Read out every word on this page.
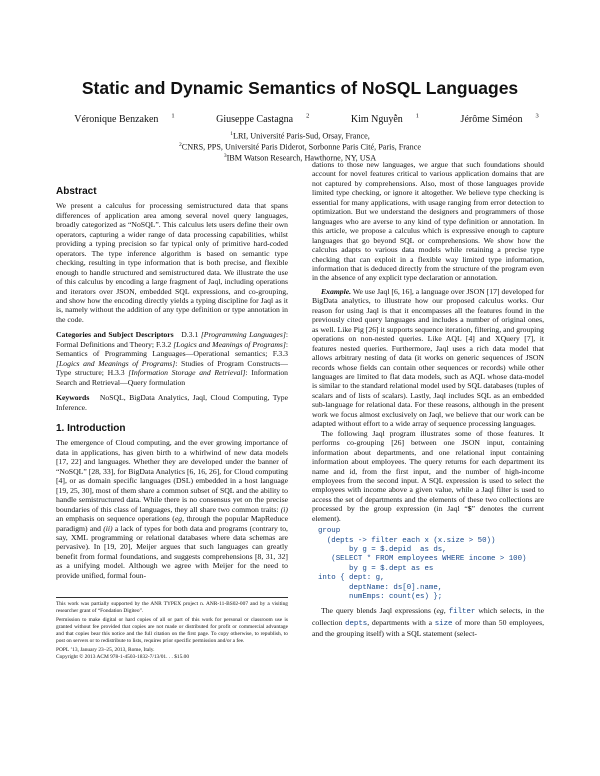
Static and Dynamic Semantics of NoSQL Languages
Véronique Benzaken $^1$	Giuseppe Castagna $^2$	Kim Nguyễn $^1$	Jérôme Siméon $^3$
$^1$LRI, Université Paris-Sud, Orsay, France,
$^2$CNRS, PPS, Université Paris Diderot, Sorbonne Paris Cité, Paris, France
$^3$IBM Watson Research, Hawthorne, NY, USA
Abstract

We present a calculus for processing semistructured data that spans differences of application area among several novel query languages, broadly categorized as “NoSQL”. This calculus lets users define their own operators, capturing a wider range of data processing capabilities, whilst providing a typing precision so far typical only of primitive hard-coded operators. The type inference algorithm is based on semantic type checking, resulting in type information that is both precise, and flexible enough to handle structured and semistructured data. We illustrate the use of this calculus by encoding a large fragment of Jaql, including operations and iterators over JSON, embedded SQL expressions, and co-grouping, and show how the encoding directly yields a typing discipline for Jaql as it is, namely without the addition of any type definition or type annotation in the code.

Categories and Subject Descriptors D.3.1 [Programming Languages]: Formal Definitions and Theory; F.3.2 [Logics and Meanings of Programs]: Semantics of Programming Languages—Operational semantics; F.3.3 [Logics and Meanings of Programs]: Studies of Program Constructs—Type structure; H.3.3 [Information Storage and Retrieval]: Information Search and Retrieval—Query formulation

Keywords NoSQL, BigData Analytics, Jaql, Cloud Computing, Type Inference.

1. Introduction

The emergence of Cloud computing, and the ever growing importance of data in applications, has given birth to a whirlwind of new data models [17, 22] and languages. Whether they are developed under the banner of “NoSQL” [28, 33], for BigData Analytics [6, 16, 26], for Cloud computing [4], or as domain specific languages (DSL) embedded in a host language [19, 25, 30], most of them share a common subset of SQL and the ability to handle semistructured data. While there is no consensus yet on the precise boundaries of this class of languages, they all share two common traits: (i) an emphasis on sequence operations (eg, through the popular MapReduce paradigm) and (ii) a lack of types for both data and programs (contrary to, say, XML programming or relational databases where data schemas are pervasive). In [19, 20], Meijer argues that such languages can greatly benefit from formal foundations, and suggests comprehensions [8, 31, 32] as a unifying model. Although we agree with Meijer for the need to provide unified, formal foun-

This work was partially supported by the ANR TYPEX project n. ANR-11-BS02-007 and by a visiting researcher grant of “Fondation Digiteo”.

Permission to make digital or hard copies of all or part of this work for personal or classroom use is granted without fee provided that copies are not made or distributed for profit or commercial advantage and that copies bear this notice and the full citation on the first page. To copy otherwise, to republish, to post on servers or to redistribute to lists, requires prior specific permission and/or a fee.

POPL ’13, January 23–25, 2013, Rome, Italy.

Copyright © 2013 ACM 978-1-4503-1832-7/13/01. . . $15.00

dations to those new languages, we argue that such foundations should account for novel features critical to various application domains that are not captured by comprehensions. Also, most of those languages provide limited type checking, or ignore it altogether. We believe type checking is essential for many applications, with usage ranging from error detection to optimization. But we understand the designers and programmers of those languages who are averse to any kind of type definition or annotation. In this article, we propose a calculus which is expressive enough to capture languages that go beyond SQL or comprehensions. We show how the calculus adapts to various data models while retaining a precise type checking that can exploit in a flexible way limited type information, information that is deduced directly from the structure of the program even in the absence of any explicit type declaration or annotation.

Example. We use Jaql [6, 16], a language over JSON [17] developed for BigData analytics, to illustrate how our proposed calculus works. Our reason for using Jaql is that it encompasses all the features found in the previously cited query languages and includes a number of original ones, as well. Like Pig [26] it supports sequence iteration, filtering, and grouping operations on non-nested queries. Like AQL [4] and XQuery [7], it features nested queries. Furthermore, Jaql uses a rich data model that allows arbitrary nesting of data (it works on generic sequences of JSON records whose fields can contain other sequences or records) while other languages are limited to flat data models, such as AQL whose data-model is similar to the standard relational model used by SQL databases (tuples of scalars and of lists of scalars). Lastly, Jaql includes SQL as an embedded sub-language for relational data. For these reasons, although in the present work we focus almost exclusively on Jaql, we believe that our work can be adapted without effort to a wide array of sequence processing languages.

The following Jaql program illustrates some of those features. It performs co-grouping [26] between one JSON input, containing information about departments, and one relational input containing information about employees. The query returns for each department its name and id, from the first input, and the number of high-income employees from the second input. A SQL expression is used to select the employees with income above a given value, while a Jaql filter is used to access the set of departments and the elements of these two collections are processed by the group expression (in Jaql “$” denotes the current element).

group
(depts -> filter each x (x.size > 50))
by g = $.depid  as ds,
(SELECT * FROM employees WHERE income > 100)
by g = $.dept as es
into { dept: g,
deptName: ds[0].name,
numEmps: count(es) };

The query blends Jaql expressions (eg, filter which selects, in the collection depts, departments with a size of more than 50 employees, and the grouping itself) with a SQL statement (select-
